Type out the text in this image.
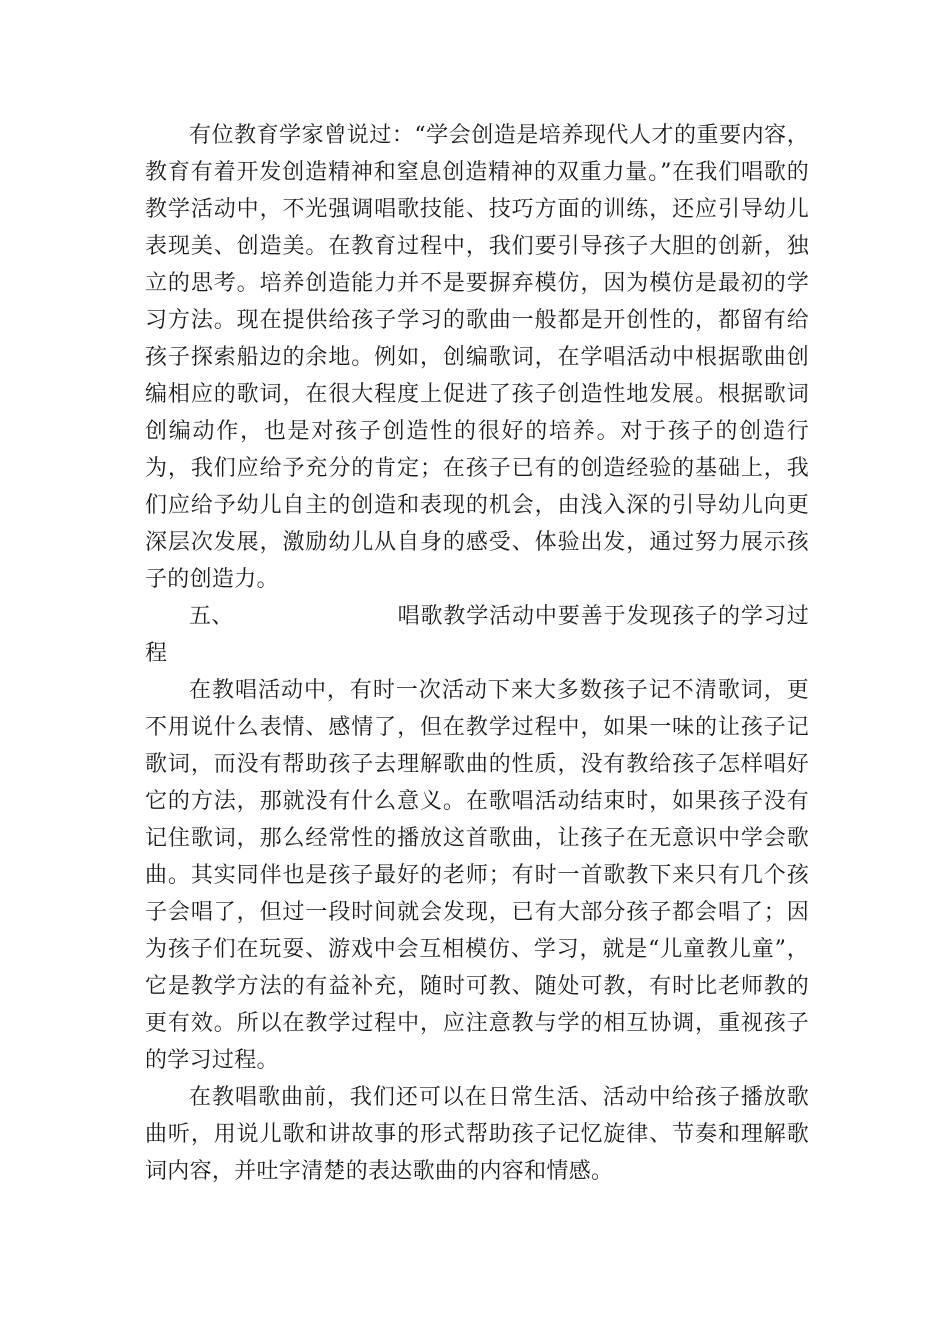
有位教育学家曾说过：“学会创造是培养现代人才的重要内容，教育有着开发创造精神和窒息创造精神的双重力量。”在我们唱歌的教学活动中，不光强调唱歌技能、技巧方面的训练，还应引导幼儿表现美、创造美。在教育过程中，我们要引导孩子大胆的创新，独立的思考。培养创造能力并不是要摒弃模仿，因为模仿是最初的学习方法。现在提供给孩子学习的歌曲一般都是开创性的，都留有给孩子探索船边的余地。例如，创编歌词，在学唱活动中根据歌曲创编相应的歌词，在很大程度上促进了孩子创造性地发展。根据歌词创编动作，也是对孩子创造性的很好的培养。对于孩子的创造行为，我们应给予充分的肯定；在孩子已有的创造经验的基础上，我们应给予幼儿自主的创造和表现的机会，由浅入深的引导幼儿向更深层次发展，激励幼儿从自身的感受、体验出发，通过努力展示孩子的创造力。

五、	唱歌教学活动中要善于发现孩子的学习过程

在教唱活动中，有时一次活动下来大多数孩子记不清歌词，更不用说什么表情、感情了，但在教学过程中，如果一味的让孩子记歌词，而没有帮助孩子去理解歌曲的性质，没有教给孩子怎样唱好它的方法，那就没有什么意义。在歌唱活动结束时，如果孩子没有记住歌词，那么经常性的播放这首歌曲，让孩子在无意识中学会歌曲。其实同伴也是孩子最好的老师；有时一首歌教下来只有几个孩子会唱了，但过一段时间就会发现，已有大部分孩子都会唱了；因为孩子们在玩耍、游戏中会互相模仿、学习，就是“儿童教儿童”，它是教学方法的有益补充，随时可教、随处可教，有时比老师教的更有效。所以在教学过程中，应注意教与学的相互协调，重视孩子的学习过程。

在教唱歌曲前，我们还可以在日常生活、活动中给孩子播放歌曲听，用说儿歌和讲故事的形式帮助孩子记忆旋律、节奏和理解歌词内容，并吐字清楚的表达歌曲的内容和情感。
